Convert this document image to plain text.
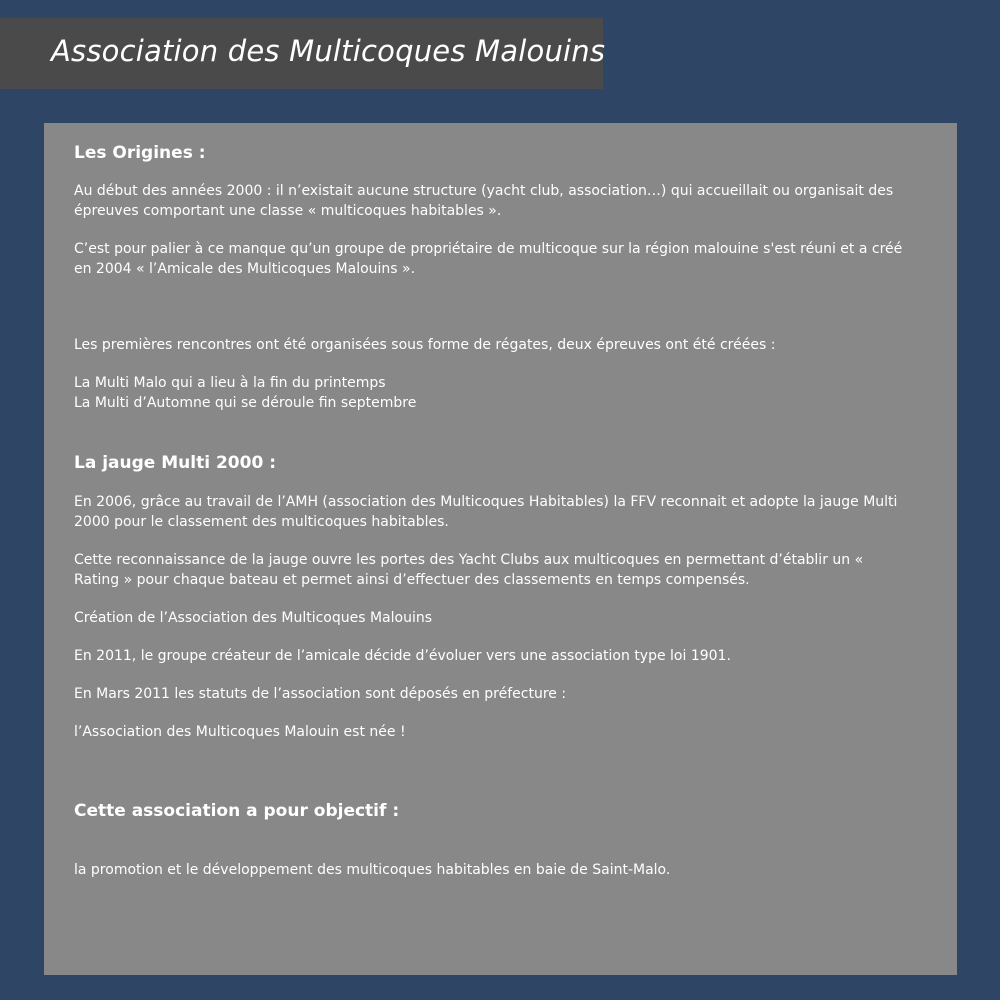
Association des Multicoques Malouins
Les Origines :

Au début des années 2000 : il n’existait aucune structure (yacht club, association…) qui accueillait ou organisait des

épreuves comportant une classe « multicoques habitables ».

C’est pour palier à ce manque qu’un groupe de propriétaire de multicoque sur la région malouine s'est réuni et a créé

en 2004 « l’Amicale des Multicoques Malouins ».

Les premières rencontres ont été organisées sous forme de régates, deux épreuves ont été créées :

La Multi Malo qui a lieu à la fin du printemps

La Multi d’Automne qui se déroule fin septembre

La jauge Multi 2000 :

En 2006, grâce au travail de l’AMH (association des Multicoques Habitables) la FFV reconnait et adopte la jauge Multi

2000 pour le classement des multicoques habitables.

Cette reconnaissance de la jauge ouvre les portes des Yacht Clubs aux multicoques en permettant d’établir un «

Rating » pour chaque bateau et permet ainsi d’effectuer des classements en temps compensés.

Création de l’Association des Multicoques Malouins

En 2011, le groupe créateur de l’amicale décide d’évoluer vers une association type loi 1901.

En Mars 2011 les statuts de l’association sont déposés en préfecture :

l’Association des Multicoques Malouin est née !

Cette association a pour objectif :

la promotion et le développement des multicoques habitables en baie de Saint-Malo.
